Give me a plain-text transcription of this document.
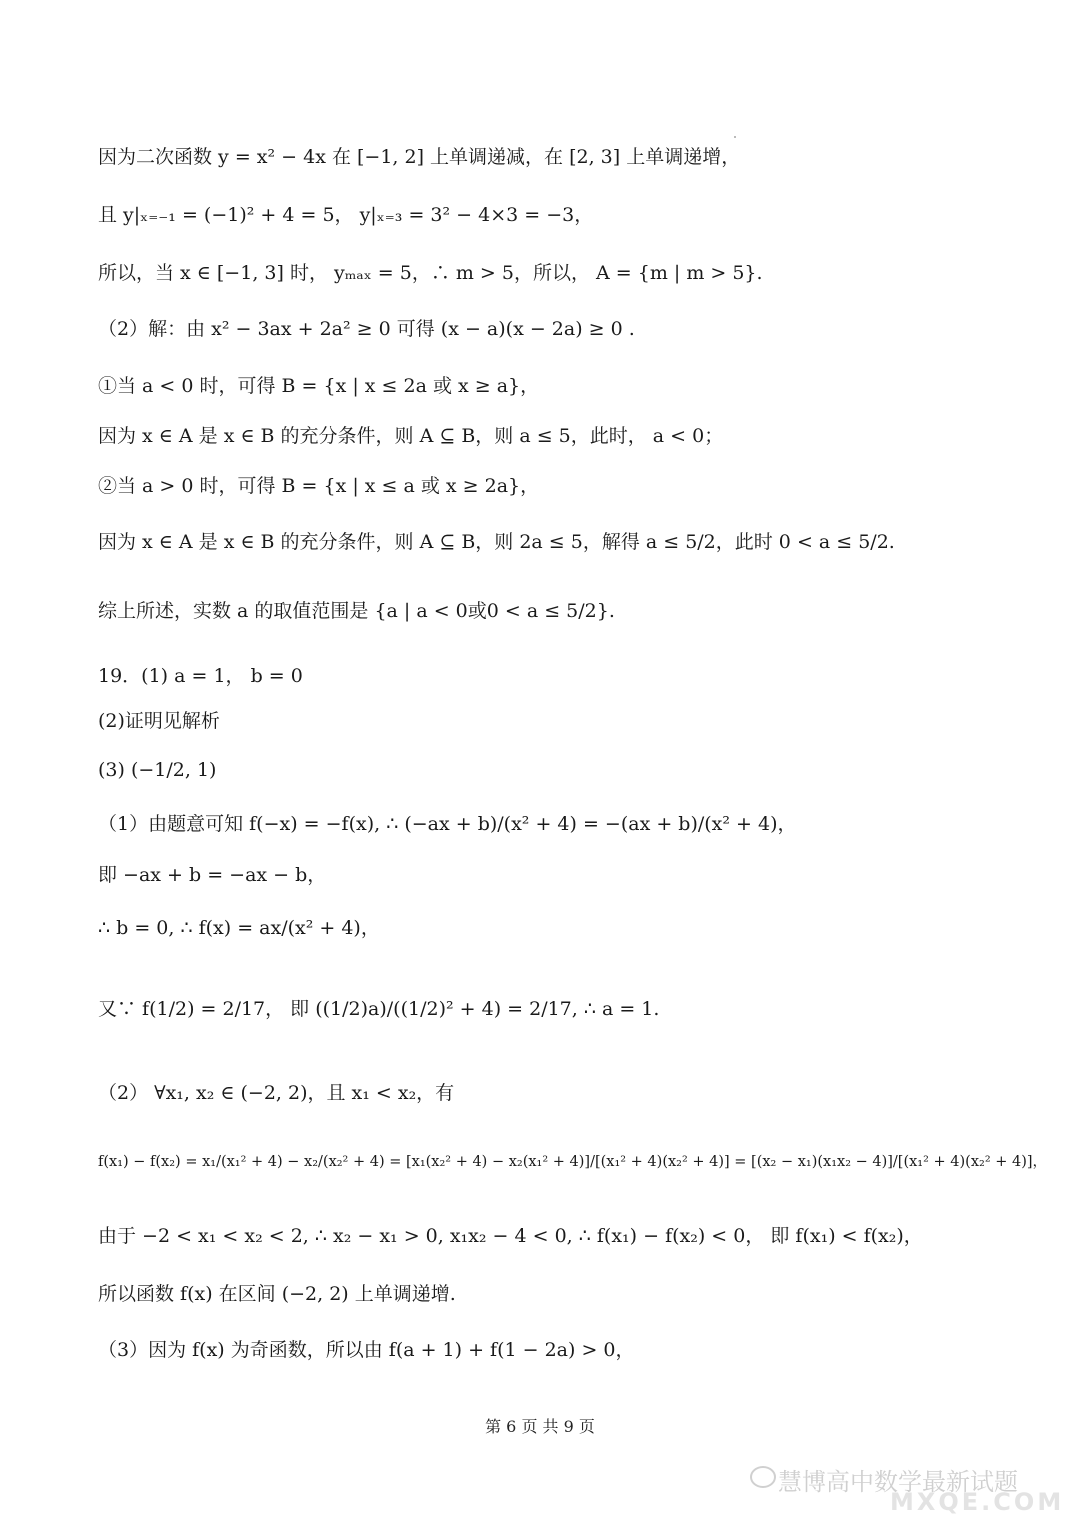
因为二次函数 y = x² − 4x 在 [−1, 2] 上单调递减，在 [2, 3] 上单调递增，
且 y|ₓ₌₋₁ = (−1)² + 4 = 5， y|ₓ₌₃ = 3² − 4×3 = −3，
所以，当 x ∈ [−1, 3] 时， yₘₐₓ = 5，∴ m > 5，所以， A = {m | m > 5}.
（2）解：由 x² − 3ax + 2a² ≥ 0 可得 (x − a)(x − 2a) ≥ 0 .
①当 a < 0 时，可得 B = {x | x ≤ 2a 或 x ≥ a}，
因为 x ∈ A 是 x ∈ B 的充分条件，则 A ⊆ B，则 a ≤ 5，此时， a < 0；
②当 a > 0 时，可得 B = {x | x ≤ a 或 x ≥ 2a}，
因为 x ∈ A 是 x ∈ B 的充分条件，则 A ⊆ B，则 2a ≤ 5，解得 a ≤ 5/2，此时 0 < a ≤ 5/2.
综上所述，实数 a 的取值范围是 {a | a < 0或0 < a ≤ 5/2}.
19．(1) a = 1， b = 0
(2)证明见解析
(3) (−1/2, 1)
（1）由题意可知 f(−x) = −f(x), ∴ (−ax + b)/(x² + 4) = −(ax + b)/(x² + 4)，
即 −ax + b = −ax − b，
∴ b = 0, ∴ f(x) = ax/(x² + 4)，
又∵ f(1/2) = 2/17， 即 ((1/2)a)/((1/2)² + 4) = 2/17, ∴ a = 1.
（2） ∀x₁, x₂ ∈ (−2, 2)，且 x₁ < x₂，有
f(x₁) − f(x₂) = x₁/(x₁² + 4) − x₂/(x₂² + 4) = [x₁(x₂² + 4) − x₂(x₁² + 4)]/[(x₁² + 4)(x₂² + 4)] = [(x₂ − x₁)(x₁x₂ − 4)]/[(x₁² + 4)(x₂² + 4)]，
由于 −2 < x₁ < x₂ < 2, ∴ x₂ − x₁ > 0, x₁x₂ − 4 < 0, ∴ f(x₁) − f(x₂) < 0， 即 f(x₁) < f(x₂)，
所以函数 f(x) 在区间 (−2, 2) 上单调递增.
（3）因为 f(x) 为奇函数，所以由 f(a + 1) + f(1 − 2a) > 0，
第 6 页 共 9 页
慧博高中数学最新试题
MXQE.COM
